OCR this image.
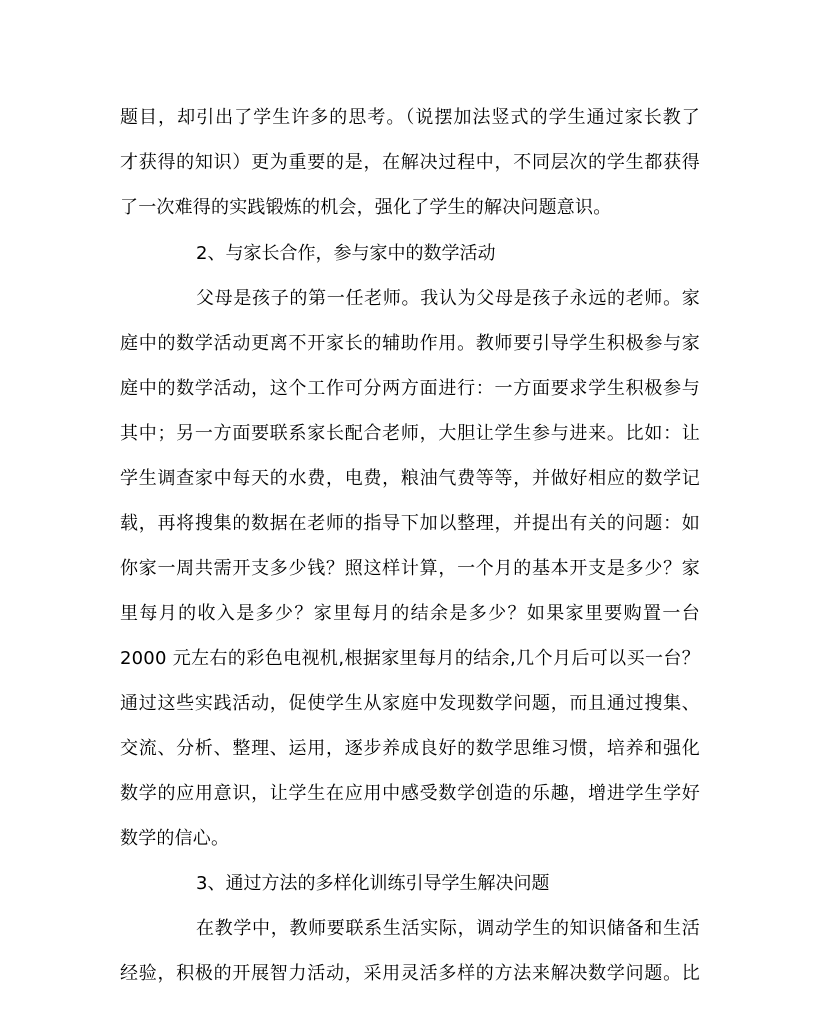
题目，却引出了学生许多的思考。（说摆加法竖式的学生通过家长教了
才获得的知识）更为重要的是，在解决过程中，不同层次的学生都获得
了一次难得的实践锻炼的机会，强化了学生的解决问题意识。
2、与家长合作，参与家中的数学活动
父母是孩子的第一任老师。我认为父母是孩子永远的老师。家
庭中的数学活动更离不开家长的辅助作用。教师要引导学生积极参与家
庭中的数学活动，这个工作可分两方面进行：一方面要求学生积极参与
其中；另一方面要联系家长配合老师，大胆让学生参与进来。比如：让
学生调查家中每天的水费，电费，粮油气费等等，并做好相应的数学记
载，再将搜集的数据在老师的指导下加以整理，并提出有关的问题：如
你家一周共需开支多少钱？照这样计算，一个月的基本开支是多少？家
里每月的收入是多少？家里每月的结余是多少？如果家里要购置一台
2000 元左右的彩色电视机,根据家里每月的结余,几个月后可以买一台？
通过这些实践活动，促使学生从家庭中发现数学问题，而且通过搜集、
交流、分析、整理、运用，逐步养成良好的数学思维习惯，培养和强化
数学的应用意识，让学生在应用中感受数学创造的乐趣，增进学生学好
数学的信心。
3、通过方法的多样化训练引导学生解决问题
在教学中，教师要联系生活实际，调动学生的知识储备和生活
经验，积极的开展智力活动，采用灵活多样的方法来解决数学问题。比
